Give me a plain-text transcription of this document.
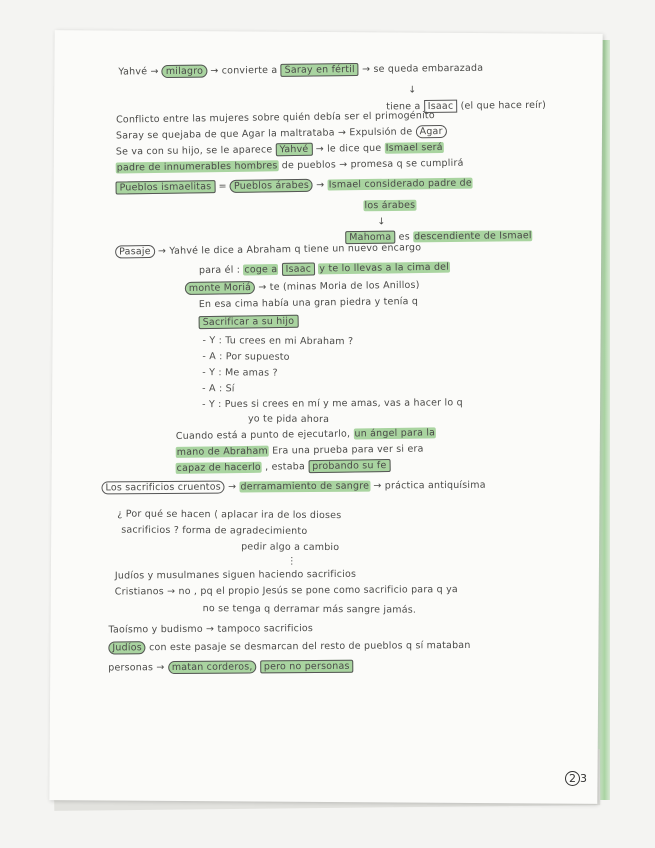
Yahvé → milagro → convierte a Saray en fértil → se queda embarazada

↓

tiene a Isaac (el que hace reír)

Conflicto entre las mujeres sobre quién debía ser el primogénito

Saray se quejaba de que Agar la maltrataba → Expulsión de Agar

Se va con su hijo, se le aparece Yahvé → le dice que Ismael será

padre de innumerables hombres de pueblos → promesa q se cumplirá

Pueblos ismaelitas = Pueblos árabes → Ismael considerado padre de

los árabes

↓

Mahoma es descendiente de Ismael

Pasaje → Yahvé le dice a Abraham q tiene un nuevo encargo

para él : coge a Isaac y te lo llevas a la cima del

monte Moriá → te (minas Moria de los Anillos)

En esa cima había una gran piedra y tenía q

Sacrificar a su hijo

- Y : Tu crees en mi Abraham ?

- A : Por supuesto

- Y : Me amas ?

- A : Sí

- Y : Pues si crees en mí y me amas, vas a hacer lo q

yo te pida ahora

Cuando está a punto de ejecutarlo, un ángel para la

mano de Abraham Era una prueba para ver si era

capaz de hacerlo , estaba probando su fe

Los sacrificios cruentos → derramamiento de sangre → práctica antiquísima

¿ Por qué se hacen ⟨ aplacar ira de los dioses

sacrificios ? forma de agradecimiento

pedir algo a cambio

⋮

Judíos y musulmanes siguen haciendo sacrificios

Cristianos → no , pq el propio Jesús se pone como sacrificio para q ya

no se tenga q derramar más sangre jamás.

Taoísmo y budismo → tampoco sacrificios

Judíos con este pasaje se desmarcan del resto de pueblos q sí mataban

personas → matan corderos, pero no personas

2 3
